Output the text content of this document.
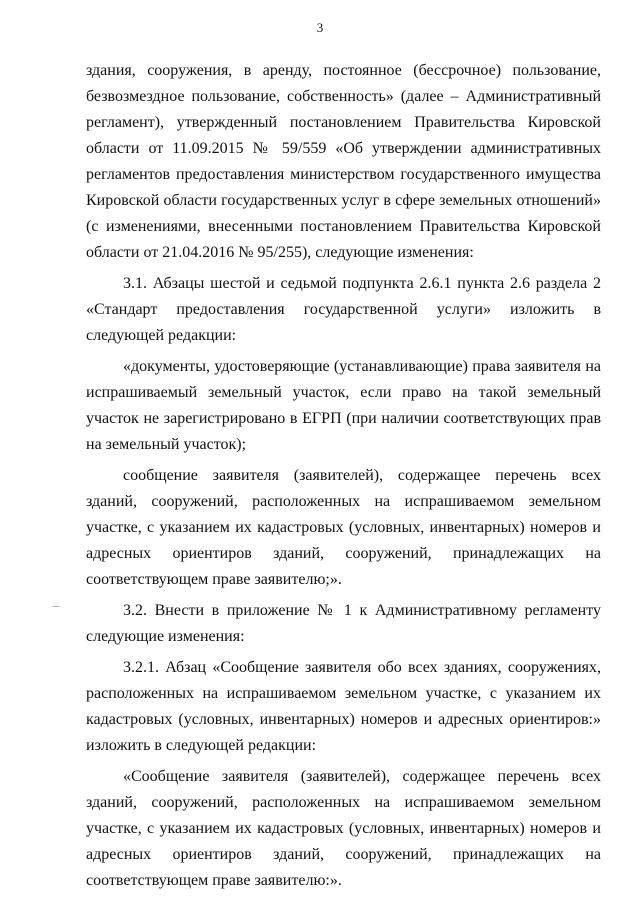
3

здания, сооружения, в аренду, постоянное (бессрочное) пользование, безвозмездное пользование, собственность» (далее – Административный регламент), утвержденный постановлением Правительства Кировской области от 11.09.2015 № 59/559 «Об утверждении административных регламентов предоставления министерством государственного имущества Кировской области государственных услуг в сфере земельных отношений» (с изменениями, внесенными постановлением Правительства Кировской области от 21.04.2016 № 95/255), следующие изменения:

3.1. Абзацы шестой и седьмой подпункта 2.6.1 пункта 2.6 раздела 2 «Стандарт предоставления государственной услуги» изложить в следующей редакции:

«документы, удостоверяющие (устанавливающие) права заявителя на испрашиваемый земельный участок, если право на такой земельный участок не зарегистрировано в ЕГРП (при наличии соответствующих прав на земельный участок);

сообщение заявителя (заявителей), содержащее перечень всех зданий, сооружений, расположенных на испрашиваемом земельном участке, с указанием их кадастровых (условных, инвентарных) номеров и адресных ориентиров зданий, сооружений, принадлежащих на соответствующем праве заявителю;».

3.2. Внести в приложение № 1 к Административному регламенту следующие изменения:

3.2.1. Абзац «Сообщение заявителя обо всех зданиях, сооружениях, расположенных на испрашиваемом земельном участке, с указанием их кадастровых (условных, инвентарных) номеров и адресных ориентиров:» изложить в следующей редакции:

«Сообщение заявителя (заявителей), содержащее перечень всех зданий, сооружений, расположенных на испрашиваемом земельном участке, с указанием их кадастровых (условных, инвентарных) номеров и адресных ориентиров зданий, сооружений, принадлежащих на соответствующем праве заявителю:».
